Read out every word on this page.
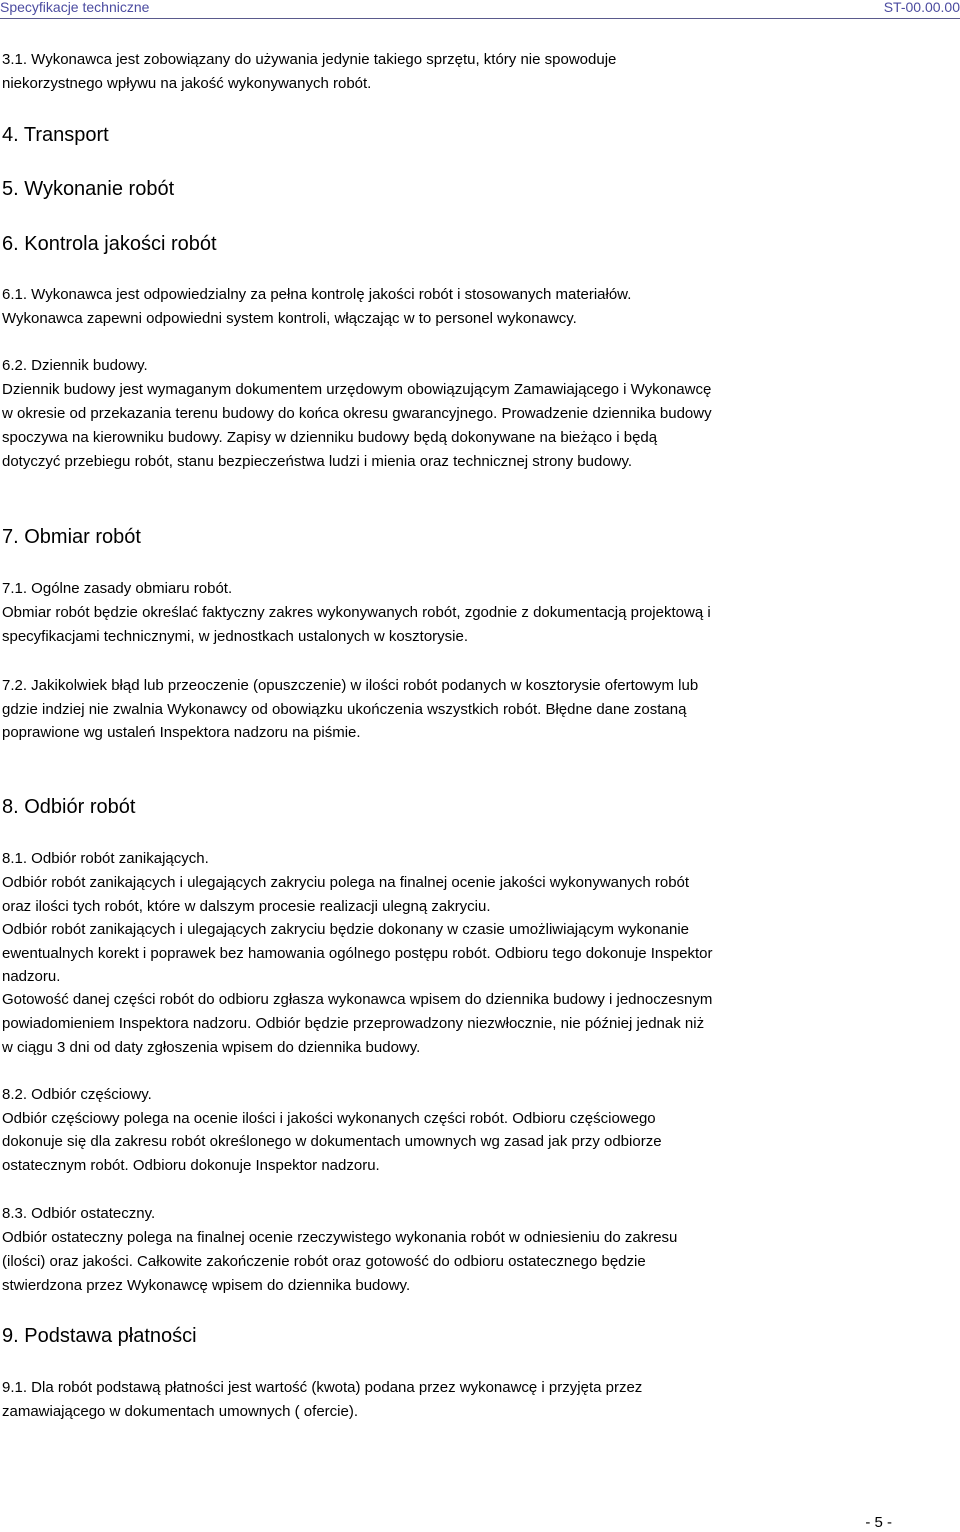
Specyfikacje techniczne	ST-00.00.00
3.1. Wykonawca jest zobowiązany do używania jedynie takiego sprzętu, który nie spowoduje
niekorzystnego wpływu na jakość wykonywanych robót.
4. Transport
5. Wykonanie robót
6. Kontrola jakości robót
6.1. Wykonawca jest odpowiedzialny za pełna kontrolę jakości robót i stosowanych materiałów.
Wykonawca zapewni odpowiedni system kontroli, włączając w to personel wykonawcy.
6.2. Dziennik budowy.
Dziennik budowy jest wymaganym dokumentem urzędowym obowiązującym Zamawiającego i Wykonawcę
w okresie od przekazania terenu budowy do końca okresu gwarancyjnego. Prowadzenie dziennika budowy
spoczywa na kierowniku budowy. Zapisy w dzienniku budowy będą dokonywane na bieżąco i będą
dotyczyć przebiegu robót, stanu bezpieczeństwa ludzi i mienia oraz technicznej strony budowy.
7. Obmiar robót
7.1. Ogólne zasady obmiaru robót.
Obmiar robót będzie określać faktyczny zakres wykonywanych robót, zgodnie z dokumentacją projektową i
specyfikacjami technicznymi, w jednostkach ustalonych w kosztorysie.
7.2. Jakikolwiek błąd lub przeoczenie (opuszczenie) w ilości robót podanych w kosztorysie ofertowym lub
gdzie indziej nie zwalnia Wykonawcy od obowiązku ukończenia wszystkich robót. Błędne dane zostaną
poprawione wg ustaleń Inspektora nadzoru na piśmie.
8. Odbiór robót
8.1. Odbiór robót zanikających.
Odbiór robót zanikających i ulegających zakryciu polega na finalnej ocenie jakości wykonywanych robót
oraz ilości tych robót, które w dalszym procesie realizacji ulegną zakryciu.
Odbiór robót zanikających i ulegających zakryciu będzie dokonany w czasie umożliwiającym wykonanie
ewentualnych korekt i poprawek bez hamowania ogólnego postępu robót. Odbioru tego dokonuje Inspektor
nadzoru.
Gotowość danej części robót do odbioru zgłasza wykonawca wpisem do dziennika budowy i jednoczesnym
powiadomieniem Inspektora nadzoru. Odbiór będzie przeprowadzony niezwłocznie, nie później jednak niż
w ciągu 3 dni od daty zgłoszenia wpisem do dziennika budowy.
8.2. Odbiór częściowy.
Odbiór częściowy polega na ocenie ilości i jakości wykonanych części robót. Odbioru częściowego
dokonuje się dla zakresu robót określonego w dokumentach umownych wg zasad jak przy odbiorze
ostatecznym robót. Odbioru dokonuje Inspektor nadzoru.
8.3. Odbiór ostateczny.
Odbiór ostateczny polega na finalnej ocenie rzeczywistego wykonania robót w odniesieniu do zakresu
(ilości) oraz jakości. Całkowite zakończenie robót oraz gotowość do odbioru ostatecznego będzie
stwierdzona przez Wykonawcę wpisem do dziennika budowy.
9. Podstawa płatności
9.1. Dla robót podstawą płatności jest wartość (kwota) podana przez wykonawcę i przyjęta przez
zamawiającego w dokumentach umownych ( ofercie).
- 5 -
